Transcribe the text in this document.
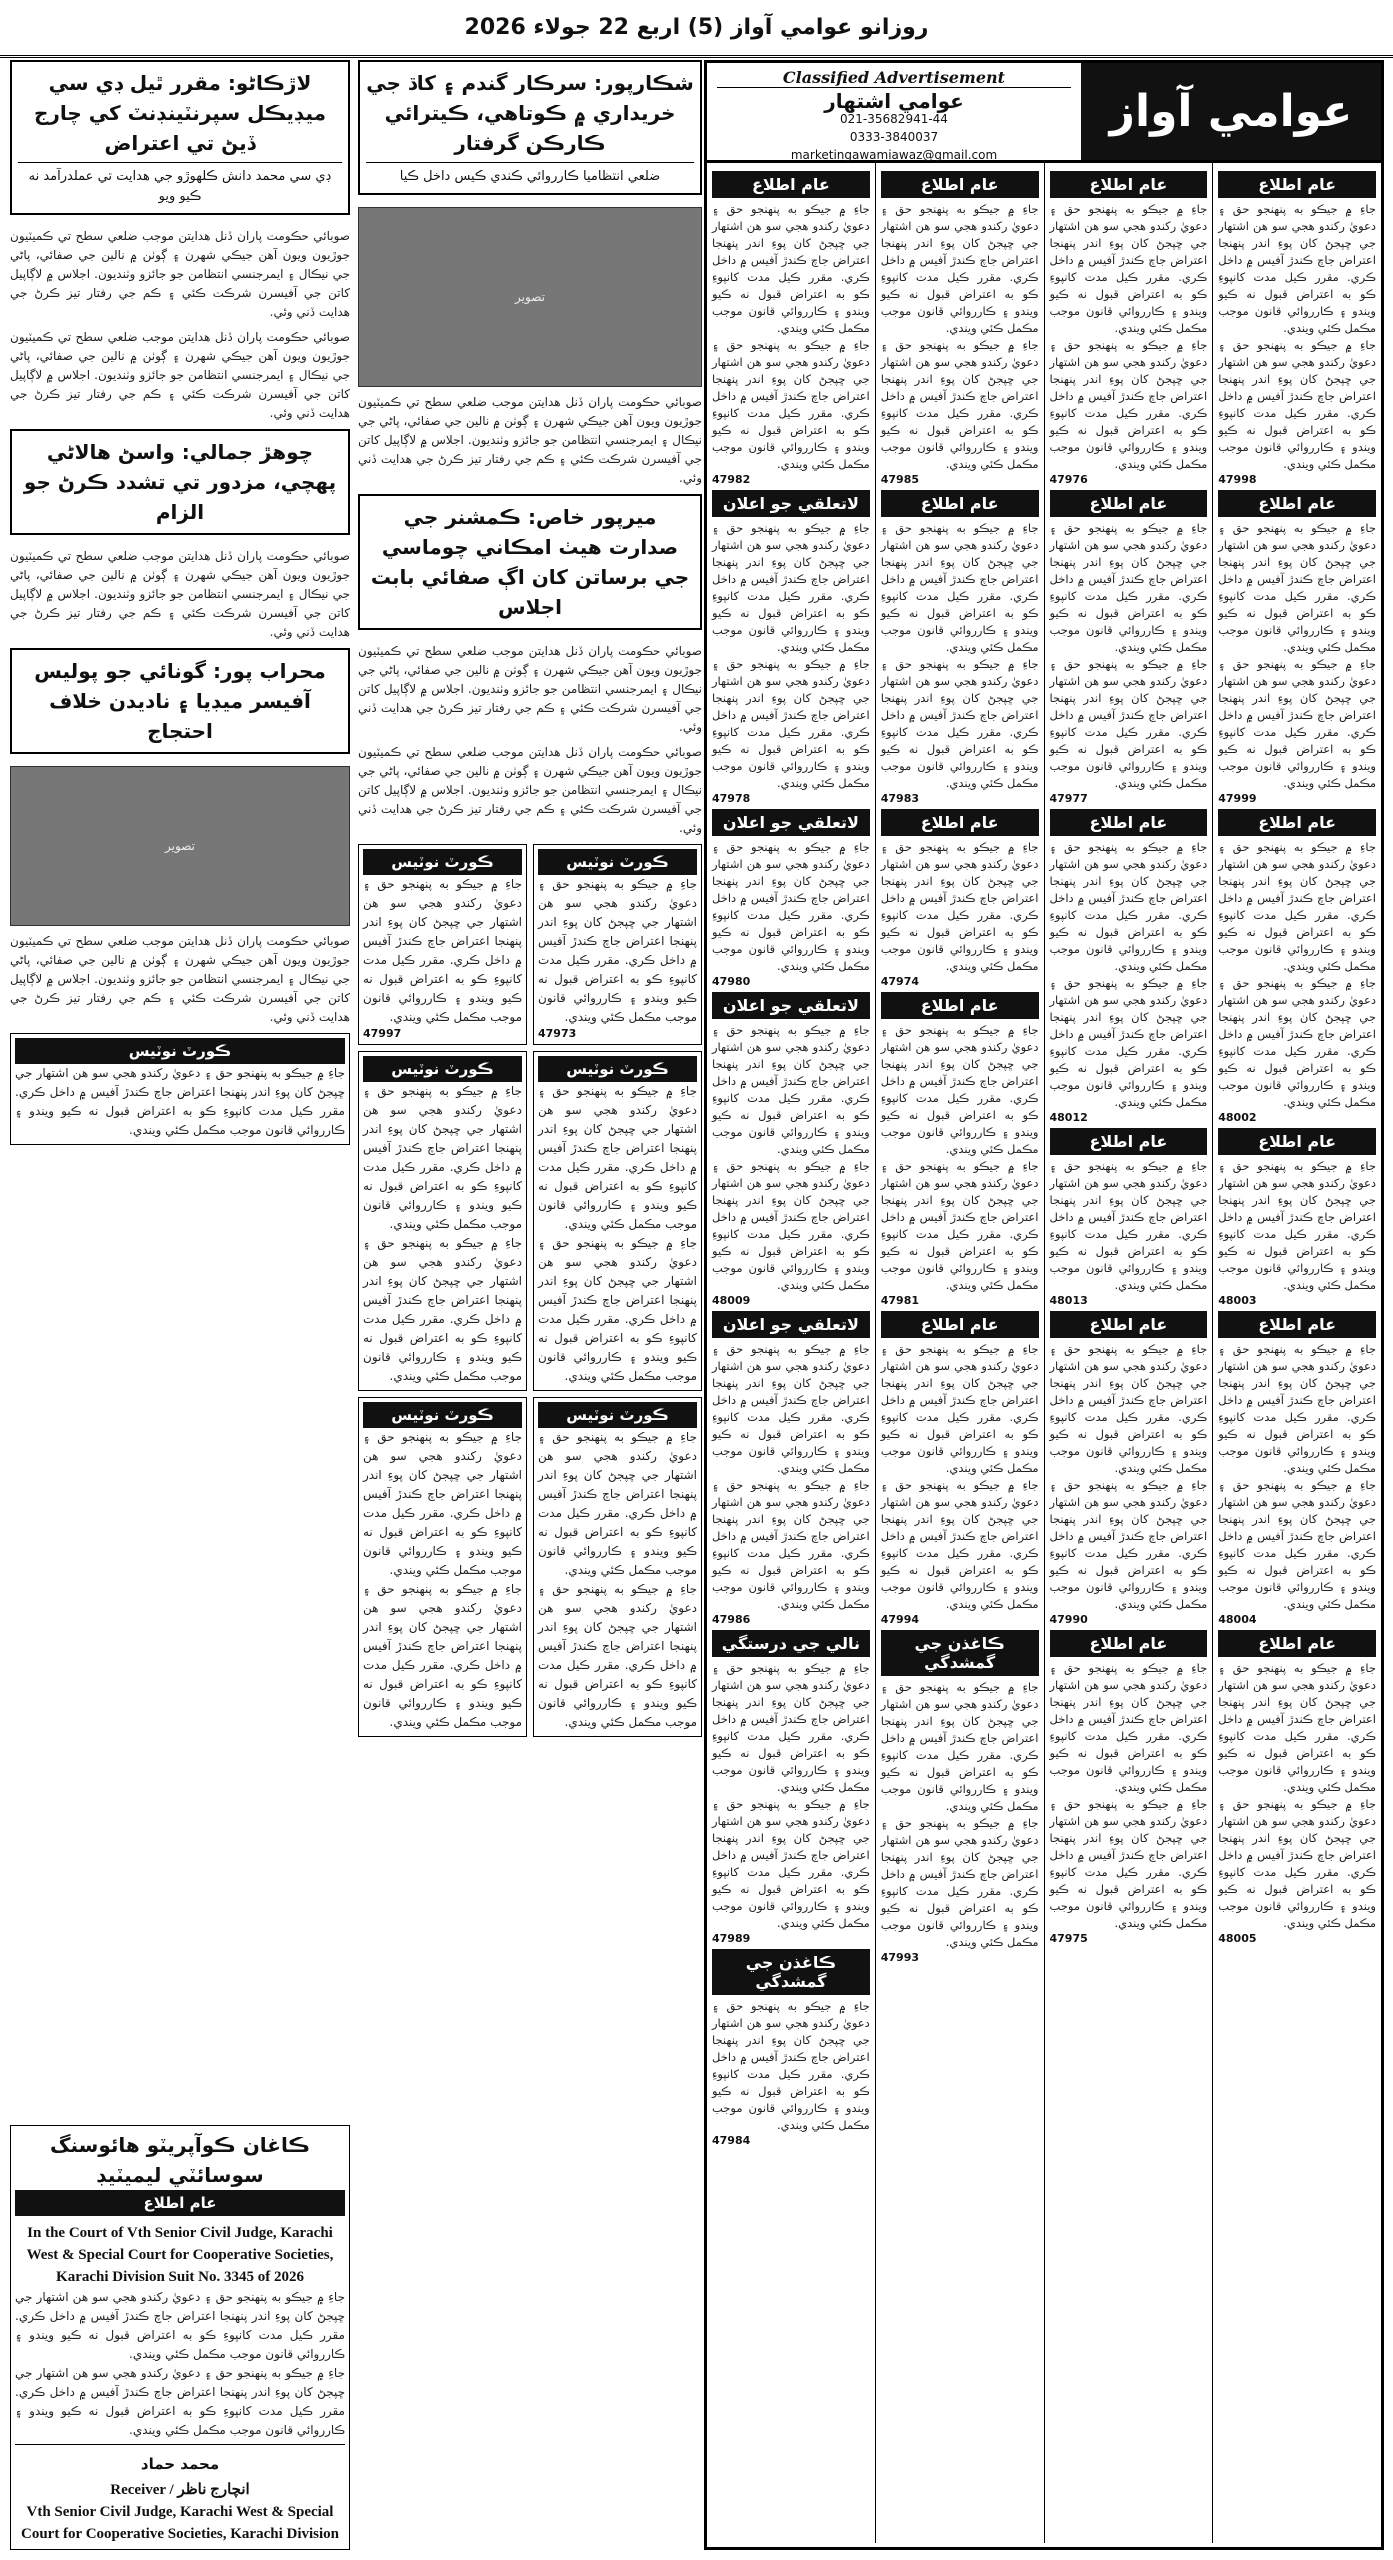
روزانو عوامي آواز (5) اربع 22 جولاء 2026
لاڙڪاڻو: مقرر ٿيل ڊي سي ميڊيڪل سپرنٽينڊنٽ کي چارج ڏيڻ تي اعتراض
ڊي سي محمد دانش ڪلهوڙو جي هدايت تي عملدرآمد نه ڪيو ويو
صوبائي حڪومت پاران ڏنل هدايتن موجب ضلعي سطح تي ڪميٽيون جوڙيون ويون آهن جيڪي شهرن ۽ ڳوٺن ۾ نالين جي صفائي، پاڻي جي نيڪال ۽ ايمرجنسي انتظامن جو جائزو وٺنديون. اجلاس ۾ لاڳاپيل کاتن جي آفيسرن شرڪت ڪئي ۽ ڪم جي رفتار تيز ڪرڻ جي هدايت ڏني وئي.
صوبائي حڪومت پاران ڏنل هدايتن موجب ضلعي سطح تي ڪميٽيون جوڙيون ويون آهن جيڪي شهرن ۽ ڳوٺن ۾ نالين جي صفائي، پاڻي جي نيڪال ۽ ايمرجنسي انتظامن جو جائزو وٺنديون. اجلاس ۾ لاڳاپيل کاتن جي آفيسرن شرڪت ڪئي ۽ ڪم جي رفتار تيز ڪرڻ جي هدايت ڏني وئي.
چوهڙ جمالي: واسڻ هالاڻي پهچي، مزدور تي تشدد ڪرڻ جو الزام
صوبائي حڪومت پاران ڏنل هدايتن موجب ضلعي سطح تي ڪميٽيون جوڙيون ويون آهن جيڪي شهرن ۽ ڳوٺن ۾ نالين جي صفائي، پاڻي جي نيڪال ۽ ايمرجنسي انتظامن جو جائزو وٺنديون. اجلاس ۾ لاڳاپيل کاتن جي آفيسرن شرڪت ڪئي ۽ ڪم جي رفتار تيز ڪرڻ جي هدايت ڏني وئي.
محراب پور: گونائي جو پوليس آفيسر ميڊيا ۽ ناديدن خلاف احتجاج
تصوير
صوبائي حڪومت پاران ڏنل هدايتن موجب ضلعي سطح تي ڪميٽيون جوڙيون ويون آهن جيڪي شهرن ۽ ڳوٺن ۾ نالين جي صفائي، پاڻي جي نيڪال ۽ ايمرجنسي انتظامن جو جائزو وٺنديون. اجلاس ۾ لاڳاپيل کاتن جي آفيسرن شرڪت ڪئي ۽ ڪم جي رفتار تيز ڪرڻ جي هدايت ڏني وئي.
ڪورٽ نوٽيس
جاءِ ۾ جيڪو به پنهنجو حق ۽ دعويٰ رکندو هجي سو هن اشتهار جي ڇپجڻ کان پوءِ اندر پنهنجا اعتراض جاچ ڪندڙ آفيس ۾ داخل ڪري. مقرر ڪيل مدت کانپوءِ ڪو به اعتراض قبول نه ڪيو ويندو ۽ ڪارروائي قانون موجب مڪمل ڪئي ويندي.
ڪاغان ڪوآپريٽو هائوسنگ سوسائٽي ليميٽيڊ
عام اطلاع
In the Court of Vth Senior Civil Judge, Karachi West & Special Court for Cooperative Societies, Karachi Division Suit No. 3345 of 2026
جاءِ ۾ جيڪو به پنهنجو حق ۽ دعويٰ رکندو هجي سو هن اشتهار جي ڇپجڻ کان پوءِ اندر پنهنجا اعتراض جاچ ڪندڙ آفيس ۾ داخل ڪري. مقرر ڪيل مدت کانپوءِ ڪو به اعتراض قبول نه ڪيو ويندو ۽ ڪارروائي قانون موجب مڪمل ڪئي ويندي.
جاءِ ۾ جيڪو به پنهنجو حق ۽ دعويٰ رکندو هجي سو هن اشتهار جي ڇپجڻ کان پوءِ اندر پنهنجا اعتراض جاچ ڪندڙ آفيس ۾ داخل ڪري. مقرر ڪيل مدت کانپوءِ ڪو به اعتراض قبول نه ڪيو ويندو ۽ ڪارروائي قانون موجب مڪمل ڪئي ويندي.
محمد حماد
Receiver / انچارج ناظر
Vth Senior Civil Judge, Karachi West & Special Court for Cooperative Societies, Karachi Division
شڪارپور: سرڪار گندم ۽ کاڌ جي خريداري ۾ ڪوتاهي، ڪيترائي ڪارڪن گرفتار
ضلعي انتظاميا ڪارروائي ڪندي ڪيس داخل ڪيا
تصوير
صوبائي حڪومت پاران ڏنل هدايتن موجب ضلعي سطح تي ڪميٽيون جوڙيون ويون آهن جيڪي شهرن ۽ ڳوٺن ۾ نالين جي صفائي، پاڻي جي نيڪال ۽ ايمرجنسي انتظامن جو جائزو وٺنديون. اجلاس ۾ لاڳاپيل کاتن جي آفيسرن شرڪت ڪئي ۽ ڪم جي رفتار تيز ڪرڻ جي هدايت ڏني وئي.
ميرپور خاص: ڪمشنر جي صدارت هيٺ امڪاني چوماسي جي برساتن کان اڳ صفائي بابت اجلاس
صوبائي حڪومت پاران ڏنل هدايتن موجب ضلعي سطح تي ڪميٽيون جوڙيون ويون آهن جيڪي شهرن ۽ ڳوٺن ۾ نالين جي صفائي، پاڻي جي نيڪال ۽ ايمرجنسي انتظامن جو جائزو وٺنديون. اجلاس ۾ لاڳاپيل کاتن جي آفيسرن شرڪت ڪئي ۽ ڪم جي رفتار تيز ڪرڻ جي هدايت ڏني وئي.
صوبائي حڪومت پاران ڏنل هدايتن موجب ضلعي سطح تي ڪميٽيون جوڙيون ويون آهن جيڪي شهرن ۽ ڳوٺن ۾ نالين جي صفائي، پاڻي جي نيڪال ۽ ايمرجنسي انتظامن جو جائزو وٺنديون. اجلاس ۾ لاڳاپيل کاتن جي آفيسرن شرڪت ڪئي ۽ ڪم جي رفتار تيز ڪرڻ جي هدايت ڏني وئي.
ڪورٽ نوٽيس
جاءِ ۾ جيڪو به پنهنجو حق ۽ دعويٰ رکندو هجي سو هن اشتهار جي ڇپجڻ کان پوءِ اندر پنهنجا اعتراض جاچ ڪندڙ آفيس ۾ داخل ڪري. مقرر ڪيل مدت کانپوءِ ڪو به اعتراض قبول نه ڪيو ويندو ۽ ڪارروائي قانون موجب مڪمل ڪئي ويندي.
47997
ڪورٽ نوٽيس
جاءِ ۾ جيڪو به پنهنجو حق ۽ دعويٰ رکندو هجي سو هن اشتهار جي ڇپجڻ کان پوءِ اندر پنهنجا اعتراض جاچ ڪندڙ آفيس ۾ داخل ڪري. مقرر ڪيل مدت کانپوءِ ڪو به اعتراض قبول نه ڪيو ويندو ۽ ڪارروائي قانون موجب مڪمل ڪئي ويندي.
47973
ڪورٽ نوٽيس
جاءِ ۾ جيڪو به پنهنجو حق ۽ دعويٰ رکندو هجي سو هن اشتهار جي ڇپجڻ کان پوءِ اندر پنهنجا اعتراض جاچ ڪندڙ آفيس ۾ داخل ڪري. مقرر ڪيل مدت کانپوءِ ڪو به اعتراض قبول نه ڪيو ويندو ۽ ڪارروائي قانون موجب مڪمل ڪئي ويندي.
جاءِ ۾ جيڪو به پنهنجو حق ۽ دعويٰ رکندو هجي سو هن اشتهار جي ڇپجڻ کان پوءِ اندر پنهنجا اعتراض جاچ ڪندڙ آفيس ۾ داخل ڪري. مقرر ڪيل مدت کانپوءِ ڪو به اعتراض قبول نه ڪيو ويندو ۽ ڪارروائي قانون موجب مڪمل ڪئي ويندي.
ڪورٽ نوٽيس
جاءِ ۾ جيڪو به پنهنجو حق ۽ دعويٰ رکندو هجي سو هن اشتهار جي ڇپجڻ کان پوءِ اندر پنهنجا اعتراض جاچ ڪندڙ آفيس ۾ داخل ڪري. مقرر ڪيل مدت کانپوءِ ڪو به اعتراض قبول نه ڪيو ويندو ۽ ڪارروائي قانون موجب مڪمل ڪئي ويندي.
جاءِ ۾ جيڪو به پنهنجو حق ۽ دعويٰ رکندو هجي سو هن اشتهار جي ڇپجڻ کان پوءِ اندر پنهنجا اعتراض جاچ ڪندڙ آفيس ۾ داخل ڪري. مقرر ڪيل مدت کانپوءِ ڪو به اعتراض قبول نه ڪيو ويندو ۽ ڪارروائي قانون موجب مڪمل ڪئي ويندي.
ڪورٽ نوٽيس
جاءِ ۾ جيڪو به پنهنجو حق ۽ دعويٰ رکندو هجي سو هن اشتهار جي ڇپجڻ کان پوءِ اندر پنهنجا اعتراض جاچ ڪندڙ آفيس ۾ داخل ڪري. مقرر ڪيل مدت کانپوءِ ڪو به اعتراض قبول نه ڪيو ويندو ۽ ڪارروائي قانون موجب مڪمل ڪئي ويندي.
جاءِ ۾ جيڪو به پنهنجو حق ۽ دعويٰ رکندو هجي سو هن اشتهار جي ڇپجڻ کان پوءِ اندر پنهنجا اعتراض جاچ ڪندڙ آفيس ۾ داخل ڪري. مقرر ڪيل مدت کانپوءِ ڪو به اعتراض قبول نه ڪيو ويندو ۽ ڪارروائي قانون موجب مڪمل ڪئي ويندي.
ڪورٽ نوٽيس
جاءِ ۾ جيڪو به پنهنجو حق ۽ دعويٰ رکندو هجي سو هن اشتهار جي ڇپجڻ کان پوءِ اندر پنهنجا اعتراض جاچ ڪندڙ آفيس ۾ داخل ڪري. مقرر ڪيل مدت کانپوءِ ڪو به اعتراض قبول نه ڪيو ويندو ۽ ڪارروائي قانون موجب مڪمل ڪئي ويندي.
جاءِ ۾ جيڪو به پنهنجو حق ۽ دعويٰ رکندو هجي سو هن اشتهار جي ڇپجڻ کان پوءِ اندر پنهنجا اعتراض جاچ ڪندڙ آفيس ۾ داخل ڪري. مقرر ڪيل مدت کانپوءِ ڪو به اعتراض قبول نه ڪيو ويندو ۽ ڪارروائي قانون موجب مڪمل ڪئي ويندي.
عوامي آواز
Classified Advertisement
عوامي اشتهار
021-35682941-44
0333-3840037
marketingawamiawaz@gmail.com
عام اطلاع
جاءِ ۾ جيڪو به پنهنجو حق ۽ دعويٰ رکندو هجي سو هن اشتهار جي ڇپجڻ کان پوءِ اندر پنهنجا اعتراض جاچ ڪندڙ آفيس ۾ داخل ڪري. مقرر ڪيل مدت کانپوءِ ڪو به اعتراض قبول نه ڪيو ويندو ۽ ڪارروائي قانون موجب مڪمل ڪئي ويندي.
جاءِ ۾ جيڪو به پنهنجو حق ۽ دعويٰ رکندو هجي سو هن اشتهار جي ڇپجڻ کان پوءِ اندر پنهنجا اعتراض جاچ ڪندڙ آفيس ۾ داخل ڪري. مقرر ڪيل مدت کانپوءِ ڪو به اعتراض قبول نه ڪيو ويندو ۽ ڪارروائي قانون موجب مڪمل ڪئي ويندي.
47998
عام اطلاع
جاءِ ۾ جيڪو به پنهنجو حق ۽ دعويٰ رکندو هجي سو هن اشتهار جي ڇپجڻ کان پوءِ اندر پنهنجا اعتراض جاچ ڪندڙ آفيس ۾ داخل ڪري. مقرر ڪيل مدت کانپوءِ ڪو به اعتراض قبول نه ڪيو ويندو ۽ ڪارروائي قانون موجب مڪمل ڪئي ويندي.
جاءِ ۾ جيڪو به پنهنجو حق ۽ دعويٰ رکندو هجي سو هن اشتهار جي ڇپجڻ کان پوءِ اندر پنهنجا اعتراض جاچ ڪندڙ آفيس ۾ داخل ڪري. مقرر ڪيل مدت کانپوءِ ڪو به اعتراض قبول نه ڪيو ويندو ۽ ڪارروائي قانون موجب مڪمل ڪئي ويندي.
47999
عام اطلاع
جاءِ ۾ جيڪو به پنهنجو حق ۽ دعويٰ رکندو هجي سو هن اشتهار جي ڇپجڻ کان پوءِ اندر پنهنجا اعتراض جاچ ڪندڙ آفيس ۾ داخل ڪري. مقرر ڪيل مدت کانپوءِ ڪو به اعتراض قبول نه ڪيو ويندو ۽ ڪارروائي قانون موجب مڪمل ڪئي ويندي.
جاءِ ۾ جيڪو به پنهنجو حق ۽ دعويٰ رکندو هجي سو هن اشتهار جي ڇپجڻ کان پوءِ اندر پنهنجا اعتراض جاچ ڪندڙ آفيس ۾ داخل ڪري. مقرر ڪيل مدت کانپوءِ ڪو به اعتراض قبول نه ڪيو ويندو ۽ ڪارروائي قانون موجب مڪمل ڪئي ويندي.
48002
عام اطلاع
جاءِ ۾ جيڪو به پنهنجو حق ۽ دعويٰ رکندو هجي سو هن اشتهار جي ڇپجڻ کان پوءِ اندر پنهنجا اعتراض جاچ ڪندڙ آفيس ۾ داخل ڪري. مقرر ڪيل مدت کانپوءِ ڪو به اعتراض قبول نه ڪيو ويندو ۽ ڪارروائي قانون موجب مڪمل ڪئي ويندي.
48003
عام اطلاع
جاءِ ۾ جيڪو به پنهنجو حق ۽ دعويٰ رکندو هجي سو هن اشتهار جي ڇپجڻ کان پوءِ اندر پنهنجا اعتراض جاچ ڪندڙ آفيس ۾ داخل ڪري. مقرر ڪيل مدت کانپوءِ ڪو به اعتراض قبول نه ڪيو ويندو ۽ ڪارروائي قانون موجب مڪمل ڪئي ويندي.
جاءِ ۾ جيڪو به پنهنجو حق ۽ دعويٰ رکندو هجي سو هن اشتهار جي ڇپجڻ کان پوءِ اندر پنهنجا اعتراض جاچ ڪندڙ آفيس ۾ داخل ڪري. مقرر ڪيل مدت کانپوءِ ڪو به اعتراض قبول نه ڪيو ويندو ۽ ڪارروائي قانون موجب مڪمل ڪئي ويندي.
48004
عام اطلاع
جاءِ ۾ جيڪو به پنهنجو حق ۽ دعويٰ رکندو هجي سو هن اشتهار جي ڇپجڻ کان پوءِ اندر پنهنجا اعتراض جاچ ڪندڙ آفيس ۾ داخل ڪري. مقرر ڪيل مدت کانپوءِ ڪو به اعتراض قبول نه ڪيو ويندو ۽ ڪارروائي قانون موجب مڪمل ڪئي ويندي.
جاءِ ۾ جيڪو به پنهنجو حق ۽ دعويٰ رکندو هجي سو هن اشتهار جي ڇپجڻ کان پوءِ اندر پنهنجا اعتراض جاچ ڪندڙ آفيس ۾ داخل ڪري. مقرر ڪيل مدت کانپوءِ ڪو به اعتراض قبول نه ڪيو ويندو ۽ ڪارروائي قانون موجب مڪمل ڪئي ويندي.
48005
عام اطلاع
جاءِ ۾ جيڪو به پنهنجو حق ۽ دعويٰ رکندو هجي سو هن اشتهار جي ڇپجڻ کان پوءِ اندر پنهنجا اعتراض جاچ ڪندڙ آفيس ۾ داخل ڪري. مقرر ڪيل مدت کانپوءِ ڪو به اعتراض قبول نه ڪيو ويندو ۽ ڪارروائي قانون موجب مڪمل ڪئي ويندي.
جاءِ ۾ جيڪو به پنهنجو حق ۽ دعويٰ رکندو هجي سو هن اشتهار جي ڇپجڻ کان پوءِ اندر پنهنجا اعتراض جاچ ڪندڙ آفيس ۾ داخل ڪري. مقرر ڪيل مدت کانپوءِ ڪو به اعتراض قبول نه ڪيو ويندو ۽ ڪارروائي قانون موجب مڪمل ڪئي ويندي.
47976
عام اطلاع
جاءِ ۾ جيڪو به پنهنجو حق ۽ دعويٰ رکندو هجي سو هن اشتهار جي ڇپجڻ کان پوءِ اندر پنهنجا اعتراض جاچ ڪندڙ آفيس ۾ داخل ڪري. مقرر ڪيل مدت کانپوءِ ڪو به اعتراض قبول نه ڪيو ويندو ۽ ڪارروائي قانون موجب مڪمل ڪئي ويندي.
جاءِ ۾ جيڪو به پنهنجو حق ۽ دعويٰ رکندو هجي سو هن اشتهار جي ڇپجڻ کان پوءِ اندر پنهنجا اعتراض جاچ ڪندڙ آفيس ۾ داخل ڪري. مقرر ڪيل مدت کانپوءِ ڪو به اعتراض قبول نه ڪيو ويندو ۽ ڪارروائي قانون موجب مڪمل ڪئي ويندي.
47977
عام اطلاع
جاءِ ۾ جيڪو به پنهنجو حق ۽ دعويٰ رکندو هجي سو هن اشتهار جي ڇپجڻ کان پوءِ اندر پنهنجا اعتراض جاچ ڪندڙ آفيس ۾ داخل ڪري. مقرر ڪيل مدت کانپوءِ ڪو به اعتراض قبول نه ڪيو ويندو ۽ ڪارروائي قانون موجب مڪمل ڪئي ويندي.
جاءِ ۾ جيڪو به پنهنجو حق ۽ دعويٰ رکندو هجي سو هن اشتهار جي ڇپجڻ کان پوءِ اندر پنهنجا اعتراض جاچ ڪندڙ آفيس ۾ داخل ڪري. مقرر ڪيل مدت کانپوءِ ڪو به اعتراض قبول نه ڪيو ويندو ۽ ڪارروائي قانون موجب مڪمل ڪئي ويندي.
48012
عام اطلاع
جاءِ ۾ جيڪو به پنهنجو حق ۽ دعويٰ رکندو هجي سو هن اشتهار جي ڇپجڻ کان پوءِ اندر پنهنجا اعتراض جاچ ڪندڙ آفيس ۾ داخل ڪري. مقرر ڪيل مدت کانپوءِ ڪو به اعتراض قبول نه ڪيو ويندو ۽ ڪارروائي قانون موجب مڪمل ڪئي ويندي.
48013
عام اطلاع
جاءِ ۾ جيڪو به پنهنجو حق ۽ دعويٰ رکندو هجي سو هن اشتهار جي ڇپجڻ کان پوءِ اندر پنهنجا اعتراض جاچ ڪندڙ آفيس ۾ داخل ڪري. مقرر ڪيل مدت کانپوءِ ڪو به اعتراض قبول نه ڪيو ويندو ۽ ڪارروائي قانون موجب مڪمل ڪئي ويندي.
جاءِ ۾ جيڪو به پنهنجو حق ۽ دعويٰ رکندو هجي سو هن اشتهار جي ڇپجڻ کان پوءِ اندر پنهنجا اعتراض جاچ ڪندڙ آفيس ۾ داخل ڪري. مقرر ڪيل مدت کانپوءِ ڪو به اعتراض قبول نه ڪيو ويندو ۽ ڪارروائي قانون موجب مڪمل ڪئي ويندي.
47990
عام اطلاع
جاءِ ۾ جيڪو به پنهنجو حق ۽ دعويٰ رکندو هجي سو هن اشتهار جي ڇپجڻ کان پوءِ اندر پنهنجا اعتراض جاچ ڪندڙ آفيس ۾ داخل ڪري. مقرر ڪيل مدت کانپوءِ ڪو به اعتراض قبول نه ڪيو ويندو ۽ ڪارروائي قانون موجب مڪمل ڪئي ويندي.
جاءِ ۾ جيڪو به پنهنجو حق ۽ دعويٰ رکندو هجي سو هن اشتهار جي ڇپجڻ کان پوءِ اندر پنهنجا اعتراض جاچ ڪندڙ آفيس ۾ داخل ڪري. مقرر ڪيل مدت کانپوءِ ڪو به اعتراض قبول نه ڪيو ويندو ۽ ڪارروائي قانون موجب مڪمل ڪئي ويندي.
47975
عام اطلاع
جاءِ ۾ جيڪو به پنهنجو حق ۽ دعويٰ رکندو هجي سو هن اشتهار جي ڇپجڻ کان پوءِ اندر پنهنجا اعتراض جاچ ڪندڙ آفيس ۾ داخل ڪري. مقرر ڪيل مدت کانپوءِ ڪو به اعتراض قبول نه ڪيو ويندو ۽ ڪارروائي قانون موجب مڪمل ڪئي ويندي.
جاءِ ۾ جيڪو به پنهنجو حق ۽ دعويٰ رکندو هجي سو هن اشتهار جي ڇپجڻ کان پوءِ اندر پنهنجا اعتراض جاچ ڪندڙ آفيس ۾ داخل ڪري. مقرر ڪيل مدت کانپوءِ ڪو به اعتراض قبول نه ڪيو ويندو ۽ ڪارروائي قانون موجب مڪمل ڪئي ويندي.
47985
عام اطلاع
جاءِ ۾ جيڪو به پنهنجو حق ۽ دعويٰ رکندو هجي سو هن اشتهار جي ڇپجڻ کان پوءِ اندر پنهنجا اعتراض جاچ ڪندڙ آفيس ۾ داخل ڪري. مقرر ڪيل مدت کانپوءِ ڪو به اعتراض قبول نه ڪيو ويندو ۽ ڪارروائي قانون موجب مڪمل ڪئي ويندي.
جاءِ ۾ جيڪو به پنهنجو حق ۽ دعويٰ رکندو هجي سو هن اشتهار جي ڇپجڻ کان پوءِ اندر پنهنجا اعتراض جاچ ڪندڙ آفيس ۾ داخل ڪري. مقرر ڪيل مدت کانپوءِ ڪو به اعتراض قبول نه ڪيو ويندو ۽ ڪارروائي قانون موجب مڪمل ڪئي ويندي.
47983
عام اطلاع
جاءِ ۾ جيڪو به پنهنجو حق ۽ دعويٰ رکندو هجي سو هن اشتهار جي ڇپجڻ کان پوءِ اندر پنهنجا اعتراض جاچ ڪندڙ آفيس ۾ داخل ڪري. مقرر ڪيل مدت کانپوءِ ڪو به اعتراض قبول نه ڪيو ويندو ۽ ڪارروائي قانون موجب مڪمل ڪئي ويندي.
47974
عام اطلاع
جاءِ ۾ جيڪو به پنهنجو حق ۽ دعويٰ رکندو هجي سو هن اشتهار جي ڇپجڻ کان پوءِ اندر پنهنجا اعتراض جاچ ڪندڙ آفيس ۾ داخل ڪري. مقرر ڪيل مدت کانپوءِ ڪو به اعتراض قبول نه ڪيو ويندو ۽ ڪارروائي قانون موجب مڪمل ڪئي ويندي.
جاءِ ۾ جيڪو به پنهنجو حق ۽ دعويٰ رکندو هجي سو هن اشتهار جي ڇپجڻ کان پوءِ اندر پنهنجا اعتراض جاچ ڪندڙ آفيس ۾ داخل ڪري. مقرر ڪيل مدت کانپوءِ ڪو به اعتراض قبول نه ڪيو ويندو ۽ ڪارروائي قانون موجب مڪمل ڪئي ويندي.
47981
عام اطلاع
جاءِ ۾ جيڪو به پنهنجو حق ۽ دعويٰ رکندو هجي سو هن اشتهار جي ڇپجڻ کان پوءِ اندر پنهنجا اعتراض جاچ ڪندڙ آفيس ۾ داخل ڪري. مقرر ڪيل مدت کانپوءِ ڪو به اعتراض قبول نه ڪيو ويندو ۽ ڪارروائي قانون موجب مڪمل ڪئي ويندي.
جاءِ ۾ جيڪو به پنهنجو حق ۽ دعويٰ رکندو هجي سو هن اشتهار جي ڇپجڻ کان پوءِ اندر پنهنجا اعتراض جاچ ڪندڙ آفيس ۾ داخل ڪري. مقرر ڪيل مدت کانپوءِ ڪو به اعتراض قبول نه ڪيو ويندو ۽ ڪارروائي قانون موجب مڪمل ڪئي ويندي.
47994
ڪاغذن جي گمشدگي
جاءِ ۾ جيڪو به پنهنجو حق ۽ دعويٰ رکندو هجي سو هن اشتهار جي ڇپجڻ کان پوءِ اندر پنهنجا اعتراض جاچ ڪندڙ آفيس ۾ داخل ڪري. مقرر ڪيل مدت کانپوءِ ڪو به اعتراض قبول نه ڪيو ويندو ۽ ڪارروائي قانون موجب مڪمل ڪئي ويندي.
جاءِ ۾ جيڪو به پنهنجو حق ۽ دعويٰ رکندو هجي سو هن اشتهار جي ڇپجڻ کان پوءِ اندر پنهنجا اعتراض جاچ ڪندڙ آفيس ۾ داخل ڪري. مقرر ڪيل مدت کانپوءِ ڪو به اعتراض قبول نه ڪيو ويندو ۽ ڪارروائي قانون موجب مڪمل ڪئي ويندي.
47993
عام اطلاع
جاءِ ۾ جيڪو به پنهنجو حق ۽ دعويٰ رکندو هجي سو هن اشتهار جي ڇپجڻ کان پوءِ اندر پنهنجا اعتراض جاچ ڪندڙ آفيس ۾ داخل ڪري. مقرر ڪيل مدت کانپوءِ ڪو به اعتراض قبول نه ڪيو ويندو ۽ ڪارروائي قانون موجب مڪمل ڪئي ويندي.
جاءِ ۾ جيڪو به پنهنجو حق ۽ دعويٰ رکندو هجي سو هن اشتهار جي ڇپجڻ کان پوءِ اندر پنهنجا اعتراض جاچ ڪندڙ آفيس ۾ داخل ڪري. مقرر ڪيل مدت کانپوءِ ڪو به اعتراض قبول نه ڪيو ويندو ۽ ڪارروائي قانون موجب مڪمل ڪئي ويندي.
47982
لاتعلقي جو اعلان
جاءِ ۾ جيڪو به پنهنجو حق ۽ دعويٰ رکندو هجي سو هن اشتهار جي ڇپجڻ کان پوءِ اندر پنهنجا اعتراض جاچ ڪندڙ آفيس ۾ داخل ڪري. مقرر ڪيل مدت کانپوءِ ڪو به اعتراض قبول نه ڪيو ويندو ۽ ڪارروائي قانون موجب مڪمل ڪئي ويندي.
جاءِ ۾ جيڪو به پنهنجو حق ۽ دعويٰ رکندو هجي سو هن اشتهار جي ڇپجڻ کان پوءِ اندر پنهنجا اعتراض جاچ ڪندڙ آفيس ۾ داخل ڪري. مقرر ڪيل مدت کانپوءِ ڪو به اعتراض قبول نه ڪيو ويندو ۽ ڪارروائي قانون موجب مڪمل ڪئي ويندي.
47978
لاتعلقي جو اعلان
جاءِ ۾ جيڪو به پنهنجو حق ۽ دعويٰ رکندو هجي سو هن اشتهار جي ڇپجڻ کان پوءِ اندر پنهنجا اعتراض جاچ ڪندڙ آفيس ۾ داخل ڪري. مقرر ڪيل مدت کانپوءِ ڪو به اعتراض قبول نه ڪيو ويندو ۽ ڪارروائي قانون موجب مڪمل ڪئي ويندي.
47980
لاتعلقي جو اعلان
جاءِ ۾ جيڪو به پنهنجو حق ۽ دعويٰ رکندو هجي سو هن اشتهار جي ڇپجڻ کان پوءِ اندر پنهنجا اعتراض جاچ ڪندڙ آفيس ۾ داخل ڪري. مقرر ڪيل مدت کانپوءِ ڪو به اعتراض قبول نه ڪيو ويندو ۽ ڪارروائي قانون موجب مڪمل ڪئي ويندي.
جاءِ ۾ جيڪو به پنهنجو حق ۽ دعويٰ رکندو هجي سو هن اشتهار جي ڇپجڻ کان پوءِ اندر پنهنجا اعتراض جاچ ڪندڙ آفيس ۾ داخل ڪري. مقرر ڪيل مدت کانپوءِ ڪو به اعتراض قبول نه ڪيو ويندو ۽ ڪارروائي قانون موجب مڪمل ڪئي ويندي.
48009
لاتعلقي جو اعلان
جاءِ ۾ جيڪو به پنهنجو حق ۽ دعويٰ رکندو هجي سو هن اشتهار جي ڇپجڻ کان پوءِ اندر پنهنجا اعتراض جاچ ڪندڙ آفيس ۾ داخل ڪري. مقرر ڪيل مدت کانپوءِ ڪو به اعتراض قبول نه ڪيو ويندو ۽ ڪارروائي قانون موجب مڪمل ڪئي ويندي.
جاءِ ۾ جيڪو به پنهنجو حق ۽ دعويٰ رکندو هجي سو هن اشتهار جي ڇپجڻ کان پوءِ اندر پنهنجا اعتراض جاچ ڪندڙ آفيس ۾ داخل ڪري. مقرر ڪيل مدت کانپوءِ ڪو به اعتراض قبول نه ڪيو ويندو ۽ ڪارروائي قانون موجب مڪمل ڪئي ويندي.
47986
نالي جي درستگي
جاءِ ۾ جيڪو به پنهنجو حق ۽ دعويٰ رکندو هجي سو هن اشتهار جي ڇپجڻ کان پوءِ اندر پنهنجا اعتراض جاچ ڪندڙ آفيس ۾ داخل ڪري. مقرر ڪيل مدت کانپوءِ ڪو به اعتراض قبول نه ڪيو ويندو ۽ ڪارروائي قانون موجب مڪمل ڪئي ويندي.
جاءِ ۾ جيڪو به پنهنجو حق ۽ دعويٰ رکندو هجي سو هن اشتهار جي ڇپجڻ کان پوءِ اندر پنهنجا اعتراض جاچ ڪندڙ آفيس ۾ داخل ڪري. مقرر ڪيل مدت کانپوءِ ڪو به اعتراض قبول نه ڪيو ويندو ۽ ڪارروائي قانون موجب مڪمل ڪئي ويندي.
47989
ڪاغذن جي گمشدگي
جاءِ ۾ جيڪو به پنهنجو حق ۽ دعويٰ رکندو هجي سو هن اشتهار جي ڇپجڻ کان پوءِ اندر پنهنجا اعتراض جاچ ڪندڙ آفيس ۾ داخل ڪري. مقرر ڪيل مدت کانپوءِ ڪو به اعتراض قبول نه ڪيو ويندو ۽ ڪارروائي قانون موجب مڪمل ڪئي ويندي.
47984
